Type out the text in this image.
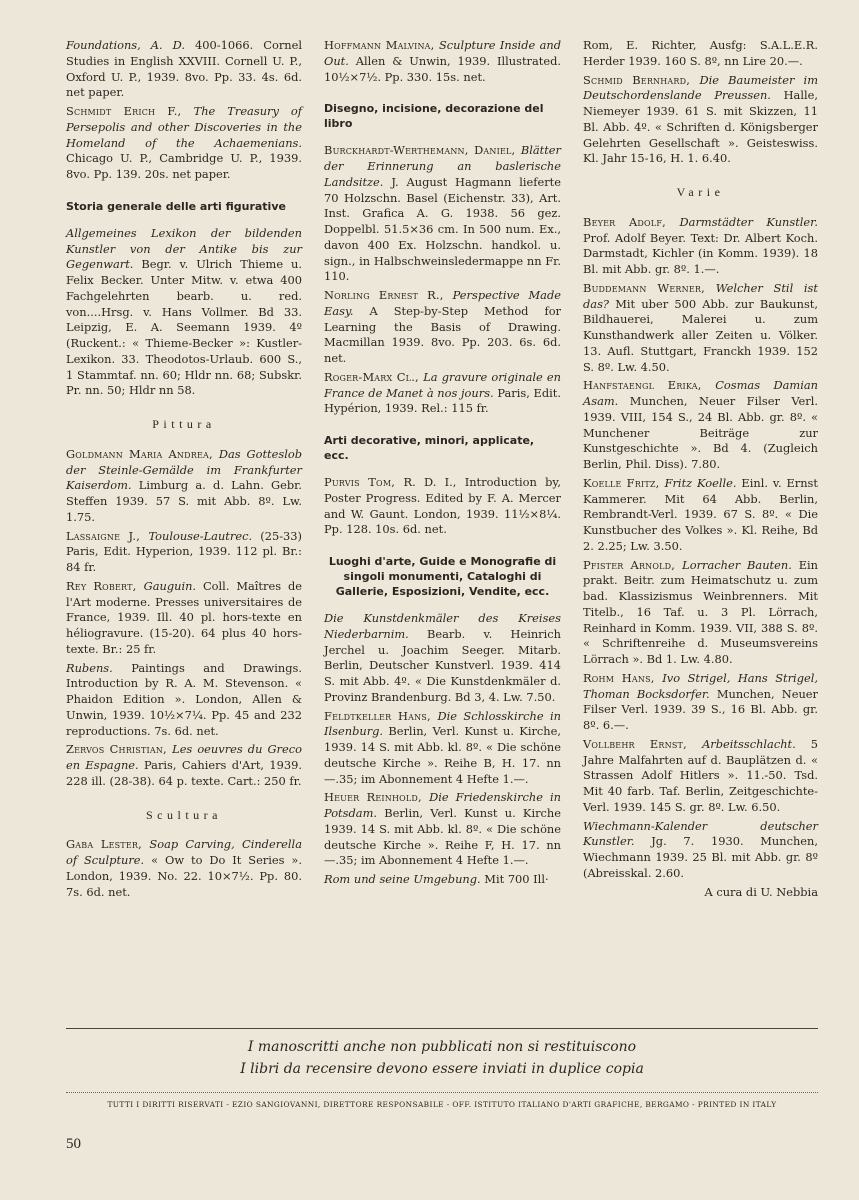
Foundations, A. D. 400-1066. Cornel Studies in English XXVIII. Cornell U. P., Oxford U. P., 1939. 8vo. Pp. 33. 4s. 6d. net paper.

Schmidt Erich F., The Treasury of Persepolis and other Discoveries in the Homeland of the Achaemenians. Chicago U. P., Cambridge U. P., 1939. 8vo. Pp. 139. 20s. net paper.

Storia generale delle arti figurative

Allgemeines Lexikon der bildenden Kunstler von der Antike bis zur Gegenwart. Begr. v. Ulrich Thieme u. Felix Becker. Unter Mitw. v. etwa 400 Fachgelehrten bearb. u. red. von....Hrsg. v. Hans Vollmer. Bd 33. Leipzig, E. A. Seemann 1939. 4º (Ruckent.: « Thieme-Becker »: Kustler-Lexikon. 33. Theodotos-Urlaub. 600 S., 1 Stammtaf. nn. 60; Hldr nn. 68; Subskr. Pr. nn. 50; Hldr nn 58.

Pittura

Goldmann Maria Andrea, Das Gotteslob der Steinle-Gemälde im Frankfurter Kaiserdom. Limburg a. d. Lahn. Gebr. Steffen 1939. 57 S. mit Abb. 8º. Lw. 1.75.

Lassaigne J., Toulouse-Lautrec. (25-33) Paris, Edit. Hyperion, 1939. 112 pl. Br.: 84 fr.

Rey Robert, Gauguin. Coll. Maîtres de l'Art moderne. Presses universitaires de France, 1939. Ill. 40 pl. hors-texte en héliogravure. (15-20). 64 plus 40 hors-texte. Br.: 25 fr.

Rubens. Paintings and Drawings. Introduction by R. A. M. Stevenson. « Phaidon Edition ». London, Allen & Unwin, 1939. 10½×7¼. Pp. 45 and 232 reproductions. 7s. 6d. net.

Zervos Christian, Les oeuvres du Greco en Espagne. Paris, Cahiers d'Art, 1939. 228 ill. (28-38). 64 p. texte. Cart.: 250 fr.

Scultura

Gaba Lester, Soap Carving, Cinderella of Sculpture. « Ow to Do It Series ». London, 1939. No. 22. 10×7½. Pp. 80. 7s. 6d. net.

Hoffmann Malvina, Sculpture Inside and Out. Allen & Unwin, 1939. Illustrated. 10½×7½. Pp. 330. 15s. net.

Disegno, incisione, decorazione del libro

Burckhardt-Werthemann, Daniel, Blätter der Erinnerung an baslerische Landsitze. J. August Hagmann lieferte 70 Holzschn. Basel (Eichenstr. 33), Art. Inst. Grafica A. G. 1938. 56 gez. Doppelbl. 51.5×36 cm. In 500 num. Ex., davon 400 Ex. Holzschn. handkol. u. sign., in Halbschweinsledermappe nn Fr. 110.

Norling Ernest R., Perspective Made Easy. A Step-by-Step Method for Learning the Basis of Drawing. Macmillan 1939. 8vo. Pp. 203. 6s. 6d. net.

Roger-Marx Cl., La gravure originale en France de Manet à nos jours. Paris, Edit. Hypérion, 1939. Rel.: 115 fr.

Arti decorative, minori, applicate, ecc.

Purvis Tom, R. D. I., Introduction by, Poster Progress. Edited by F. A. Mercer and W. Gaunt. London, 1939. 11½×8¼. Pp. 128. 10s. 6d. net.

Luoghi d'arte, Guide e Monografie di singoli monumenti, Cataloghi di Gallerie, Esposizioni, Vendite, ecc.

Die Kunstdenkmäler des Kreises Niederbarnim. Bearb. v. Heinrich Jerchel u. Joachim Seeger. Mitarb. Berlin, Deutscher Kunstverl. 1939. 414 S. mit Abb. 4º. « Die Kunstdenkmäler d. Provinz Brandenburg. Bd 3, 4. Lw. 7.50.

Feldtkeller Hans, Die Schlosskirche in Ilsenburg. Berlin, Verl. Kunst u. Kirche, 1939. 14 S. mit Abb. kl. 8º. « Die schöne deutsche Kirche ». Reihe B, H. 17. nn —.35; im Abonnement 4 Hefte 1.—.

Heuer Reinhold, Die Friedenskirche in Potsdam. Berlin, Verl. Kunst u. Kirche 1939. 14 S. mit Abb. kl. 8º. « Die schöne deutsche Kirche ». Reihe F, H. 17. nn —.35; im Abonnement 4 Hefte 1.—.

Rom und seine Umgebung. Mit 700 Ill·

Rom, E. Richter, Ausfg: S.A.L.E.R. Herder 1939. 160 S. 8º, nn Lire 20.—.

Schmid Bernhard, Die Baumeister im Deutschordenslande Preussen. Halle, Niemeyer 1939. 61 S. mit Skizzen, 11 Bl. Abb. 4º. « Schriften d. Königsberger Gelehrten Gesellschaft ». Geisteswiss. Kl. Jahr 15-16, H. 1. 6.40.

Varie

Beyer Adolf, Darmstädter Kunstler. Prof. Adolf Beyer. Text: Dr. Albert Koch. Darmstadt, Kichler (in Komm. 1939). 18 Bl. mit Abb. gr. 8º. 1.—.

Buddemann Werner, Welcher Stil ist das? Mit uber 500 Abb. zur Baukunst, Bildhauerei, Malerei u. zum Kunsthandwerk aller Zeiten u. Völker. 13. Aufl. Stuttgart, Franckh 1939. 152 S. 8º. Lw. 4.50.

Hanfstaengl Erika, Cosmas Damian Asam. Munchen, Neuer Filser Verl. 1939. VIII, 154 S., 24 Bl. Abb. gr. 8º. « Munchener Beiträge zur Kunstgeschichte ». Bd 4. (Zugleich Berlin, Phil. Diss). 7.80.

Koelle Fritz, Fritz Koelle. Einl. v. Ernst Kammerer. Mit 64 Abb. Berlin, Rembrandt-Verl. 1939. 67 S. 8º. « Die Kunstbucher des Volkes ». Kl. Reihe, Bd 2. 2.25; Lw. 3.50.

Pfister Arnold, Lorracher Bauten. Ein prakt. Beitr. zum Heimatschutz u. zum bad. Klassizismus Weinbrenners. Mit Titelb., 16 Taf. u. 3 Pl. Lörrach, Reinhard in Komm. 1939. VII, 388 S. 8º. « Schriftenreihe d. Museumsvereins Lörrach ». Bd 1. Lw. 4.80.

Rohm Hans, Ivo Strigel, Hans Strigel, Thoman Bocksdorfer. Munchen, Neuer Filser Verl. 1939. 39 S., 16 Bl. Abb. gr. 8º. 6.—.

Vollbehr Ernst, Arbeitsschlacht. 5 Jahre Malfahrten auf d. Bauplätzen d. « Strassen Adolf Hitlers ». 11.-50. Tsd. Mit 40 farb. Taf. Berlin, Zeitgeschichte-Verl. 1939. 145 S. gr. 8º. Lw. 6.50.

Wiechmann-Kalender deutscher Kunstler. Jg. 7. 1930. Munchen, Wiechmann 1939. 25 Bl. mit Abb. gr. 8º (Abreisskal. 2.60.

A cura di U. Nebbia
I manoscritti anche non pubblicati non si restituiscono
I libri da recensire devono essere inviati in duplice copia
TUTTI I DIRITTI RISERVATI - EZIO SANGIOVANNI, DIRETTORE RESPONSABILE - OFF. ISTITUTO ITALIANO D'ARTI GRAFICHE, BERGAMO - PRINTED IN ITALY
50
